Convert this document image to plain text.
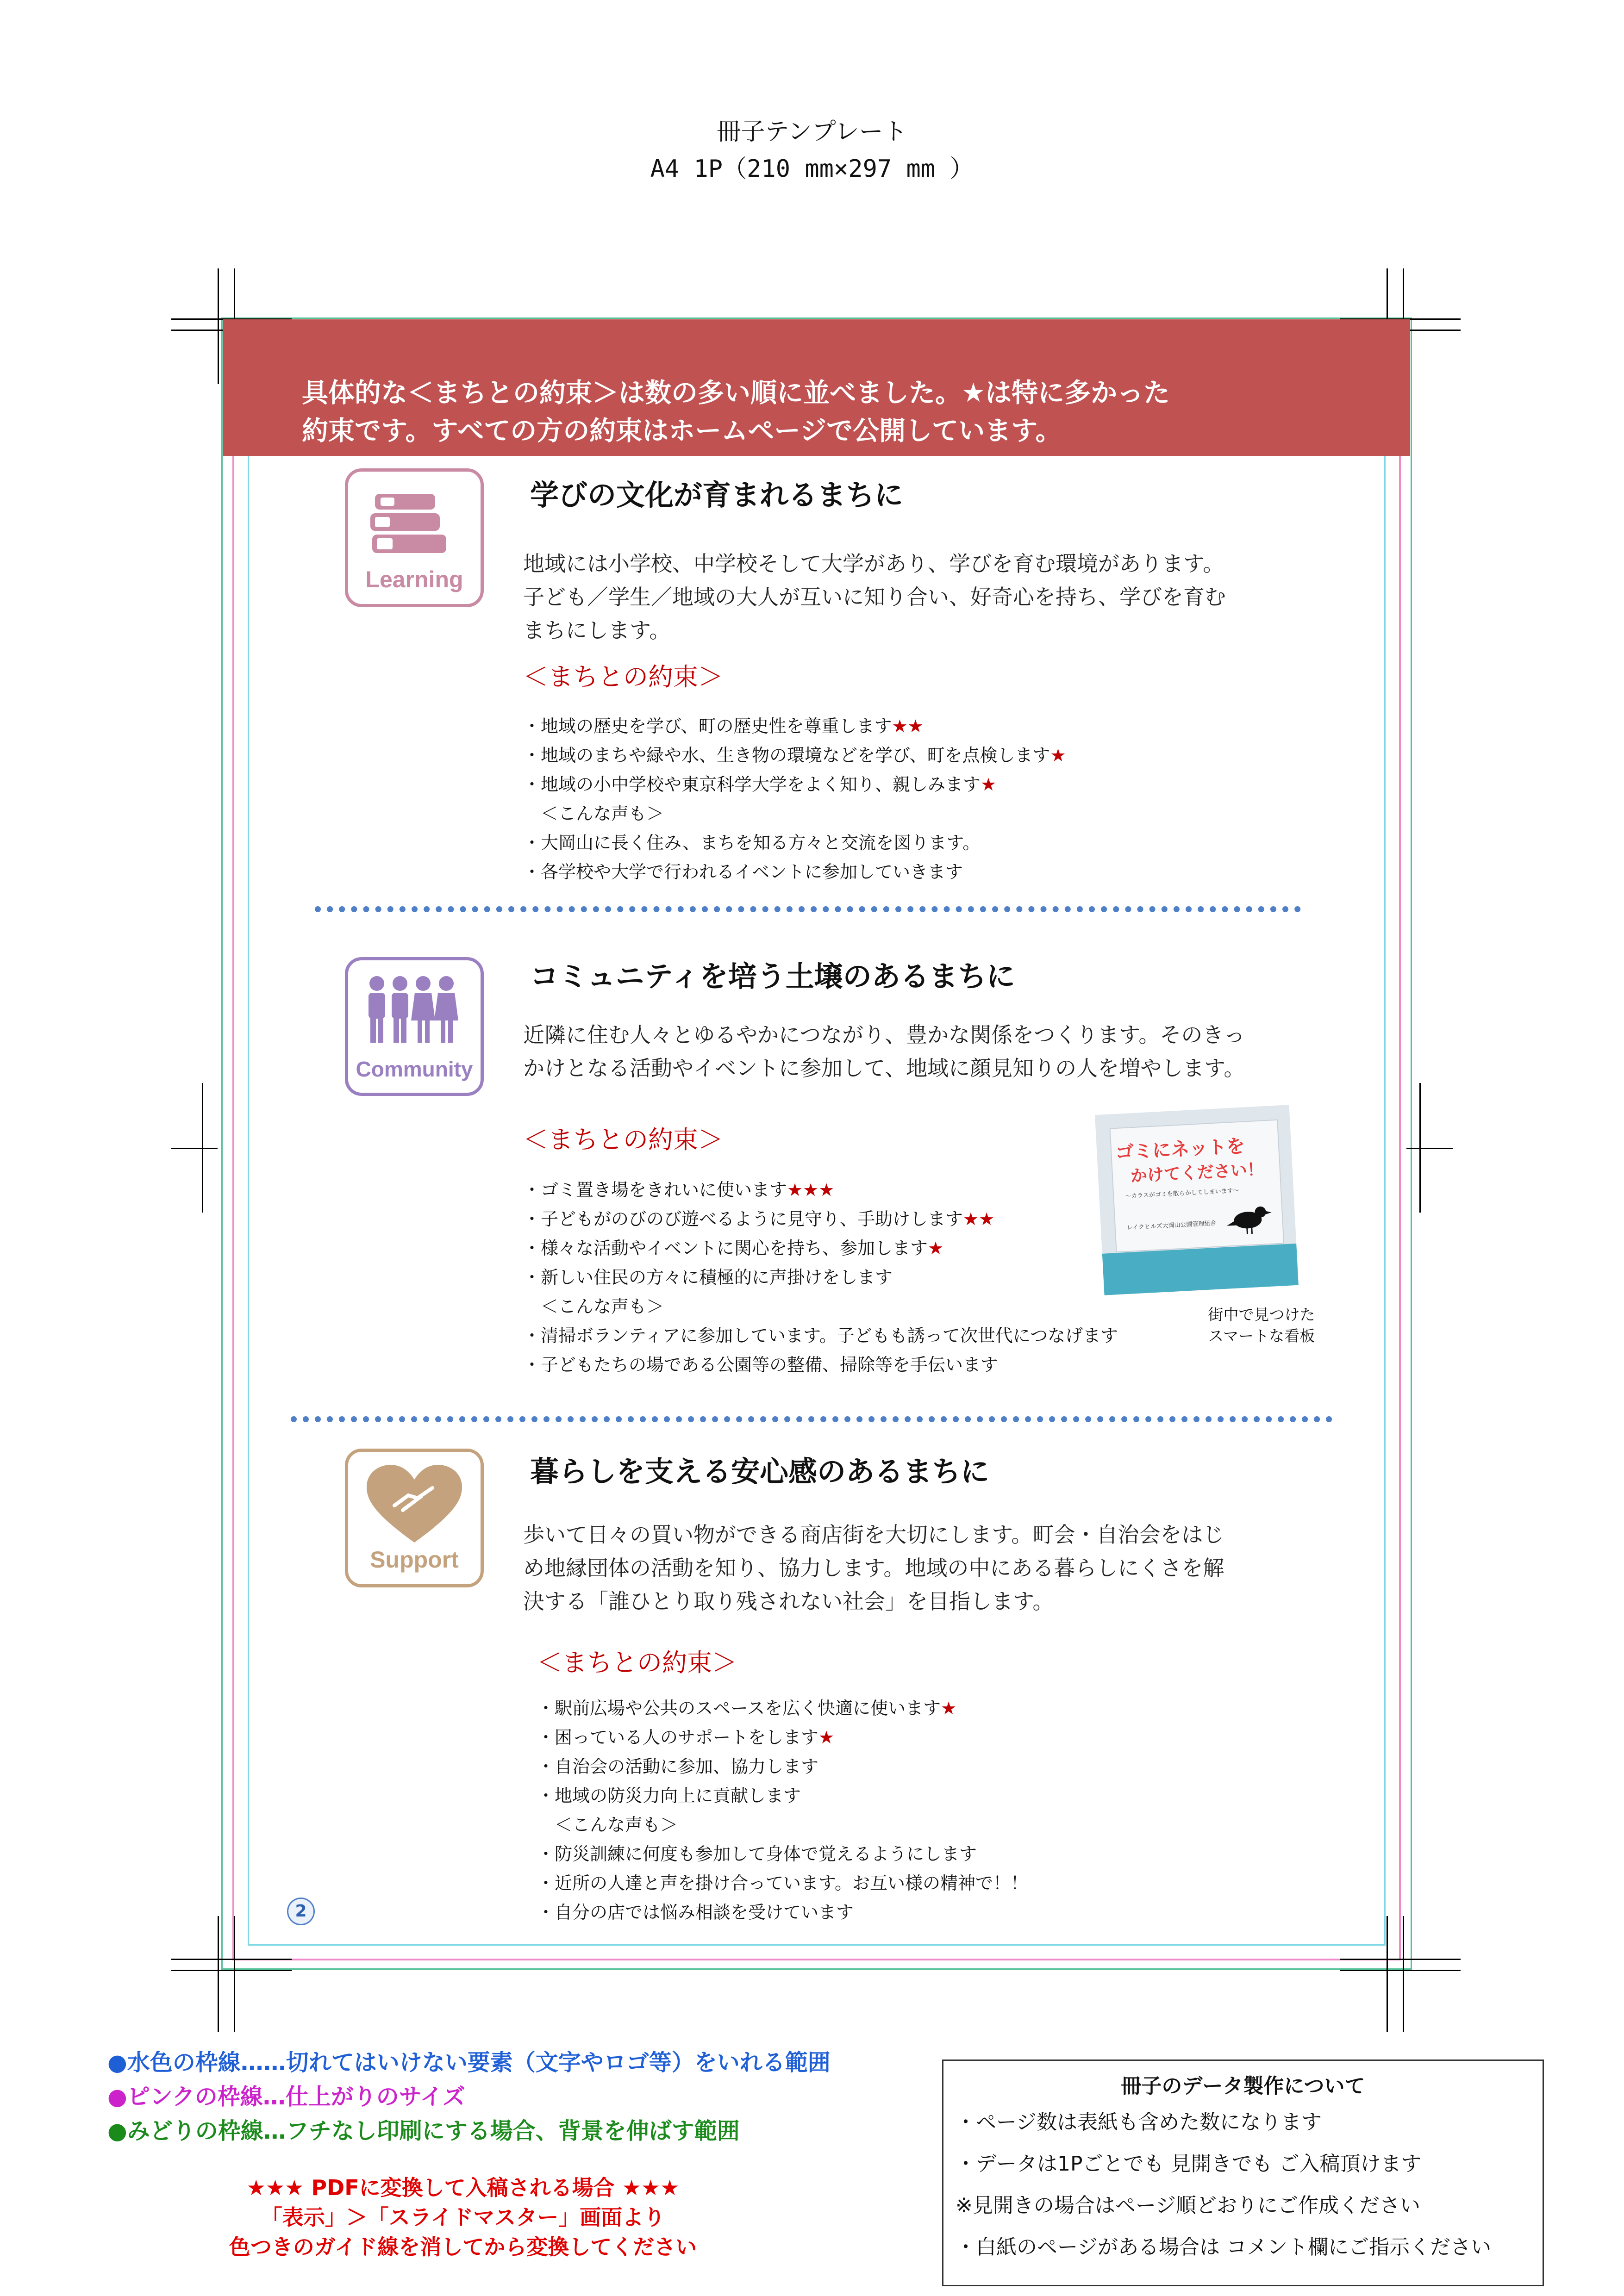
冊子テンプレート
A4 1P（210 mm×297 mm ）
具体的な＜まちとの約束＞は数の多い順に並べました。★は特に多かった
約束です。すべての方の約束はホームページで公開しています。
Learning
学びの文化が育まれるまちに
地域には小学校、中学校そして大学があり、学びを育む環境があります。
子ども／学生／地域の大人が互いに知り合い、好奇心を持ち、学びを育む
まちにします。
＜まちとの約束＞
・地域の歴史を学び、町の歴史性を尊重します★★
・地域のまちや緑や水、生き物の環境などを学び、町を点検します★
・地域の小中学校や東京科学大学をよく知り、親しみます★
　＜こんな声も＞
・大岡山に長く住み、まちを知る方々と交流を図ります。
・各学校や大学で行われるイベントに参加していきます
Community
コミュニティを培う土壌のあるまちに
近隣に住む人々とゆるやかにつながり、豊かな関係をつくります。そのきっ
かけとなる活動やイベントに参加して、地域に顔見知りの人を増やします。
＜まちとの約束＞
・ゴミ置き場をきれいに使います★★★
・子どもがのびのび遊べるように見守り、手助けします★★
・様々な活動やイベントに関心を持ち、参加します★
・新しい住民の方々に積極的に声掛けをします
　＜こんな声も＞
・清掃ボランティアに参加しています。子どもも誘って次世代につなげます
・子どもたちの場である公園等の整備、掃除等を手伝います
ゴミにネットを
かけてください！
〜カラスがゴミを散らかしてしまいます〜
レイクヒルズ大岡山公園管理組合
街中で見つけた
スマートな看板
Support
暮らしを支える安心感のあるまちに
歩いて日々の買い物ができる商店街を大切にします。町会・自治会をはじ
め地縁団体の活動を知り、協力します。地域の中にある暮らしにくさを解
決する「誰ひとり取り残されない社会」を目指します。
＜まちとの約束＞
・駅前広場や公共のスペースを広く快適に使います★
・困っている人のサポートをします★
・自治会の活動に参加、協力します
・地域の防災力向上に貢献します
　＜こんな声も＞
・防災訓練に何度も参加して身体で覚えるようにします
・近所の人達と声を掛け合っています。お互い様の精神で！！
・自分の店では悩み相談を受けています
2
●水色の枠線……切れてはいけない要素（文字やロゴ等）をいれる範囲
●ピンクの枠線…仕上がりのサイズ
●みどりの枠線…フチなし印刷にする場合、背景を伸ばす範囲
★★★ PDFに変換して入稿される場合 ★★★
「表示」＞「スライドマスター」画面より
色つきのガイド線を消してから変換してください
冊子のデータ製作について
・ページ数は表紙も含めた数になります
・データは1Pごとでも 見開きでも ご入稿頂けます
※見開きの場合はページ順どおりにご作成ください
・白紙のページがある場合は コメント欄にご指示ください
